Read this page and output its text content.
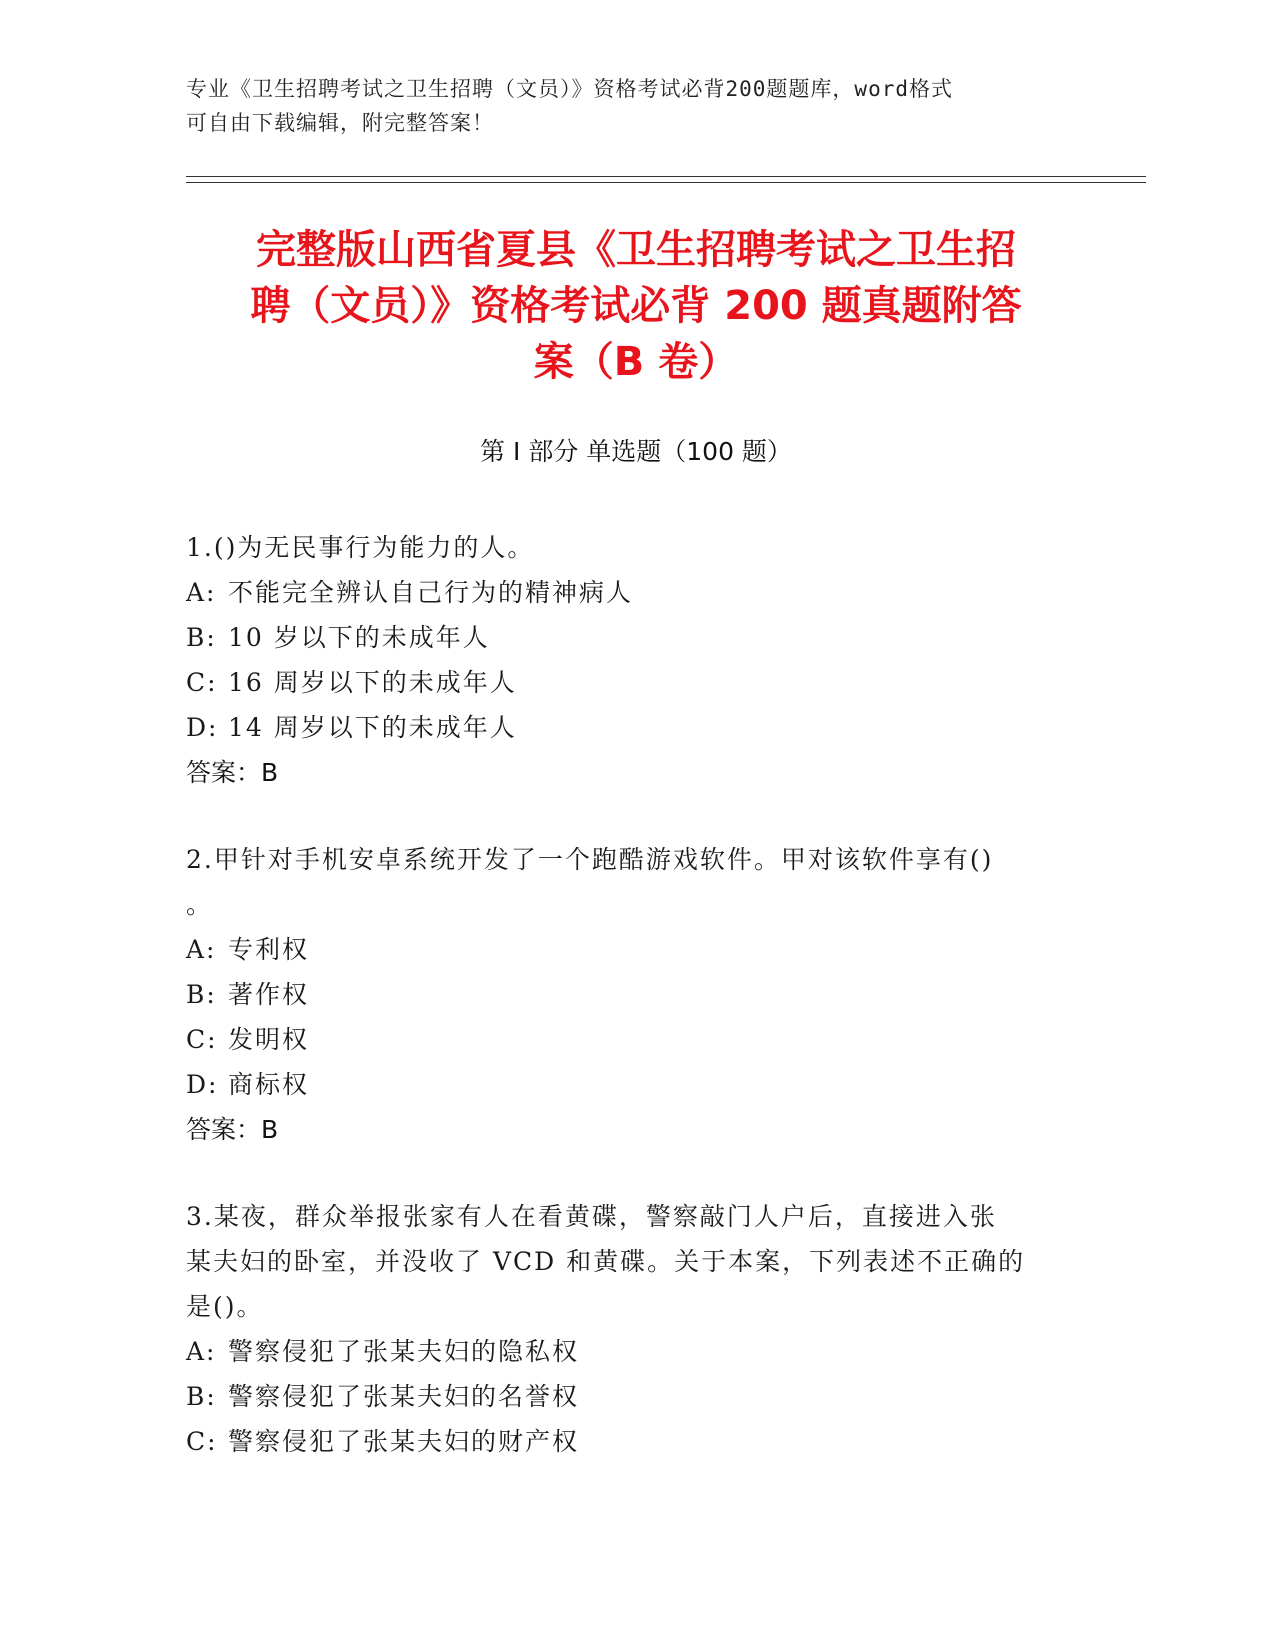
专业《卫生招聘考试之卫生招聘（文员）》资格考试必背200题题库，word格式
可自由下载编辑，附完整答案！
完整版山西省夏县《卫生招聘考试之卫生招
聘（文员）》资格考试必背 200 题真题附答
案（B 卷）
第 I 部分 单选题（100 题）

1.()为无民事行为能力的人。

A: 不能完全辨认自己行为的精神病人

B: 10 岁以下的未成年人

C: 16 周岁以下的未成年人

D: 14 周岁以下的未成年人

答案：B

2.甲针对手机安卓系统开发了一个跑酷游戏软件。甲对该软件享有()

。

A: 专利权

B: 著作权

C: 发明权

D: 商标权

答案：B

3.某夜，群众举报张家有人在看黄碟，警察敲门人户后，直接进入张

某夫妇的卧室，并没收了 VCD 和黄碟。关于本案，下列表述不正确的

是()。

A: 警察侵犯了张某夫妇的隐私权

B: 警察侵犯了张某夫妇的名誉权

C: 警察侵犯了张某夫妇的财产权
